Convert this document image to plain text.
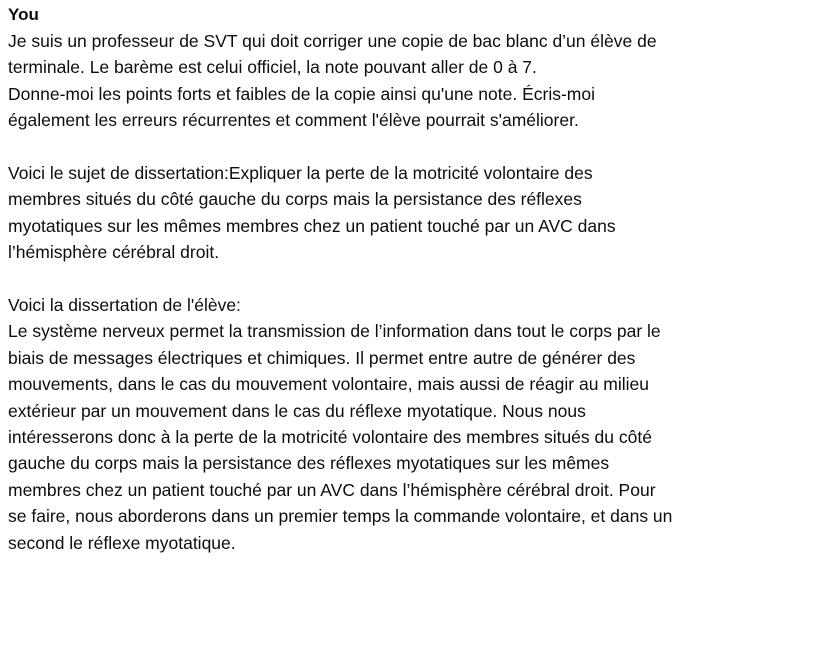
You
Je suis un professeur de SVT qui doit corriger une copie de bac blanc d’un élève de
terminale. Le barème est celui officiel, la note pouvant aller de 0 à 7.
Donne-moi les points forts et faibles de la copie ainsi qu'une note. Écris-moi
également les erreurs récurrentes et comment l'élève pourrait s'améliorer.
Voici le sujet de dissertation:Expliquer la perte de la motricité volontaire des
membres situés du côté gauche du corps mais la persistance des réflexes
myotatiques sur les mêmes membres chez un patient touché par un AVC dans
l’hémisphère cérébral droit.
Voici la dissertation de l'élève:
Le système nerveux permet la transmission de l’information dans tout le corps par le
biais de messages électriques et chimiques. Il permet entre autre de générer des
mouvements, dans le cas du mouvement volontaire, mais aussi de réagir au milieu
extérieur par un mouvement dans le cas du réflexe myotatique. Nous nous
intéresserons donc à la perte de la motricité volontaire des membres situés du côté
gauche du corps mais la persistance des réflexes myotatiques sur les mêmes
membres chez un patient touché par un AVC dans l’hémisphère cérébral droit. Pour
se faire, nous aborderons dans un premier temps la commande volontaire, et dans un
second le réflexe myotatique.
